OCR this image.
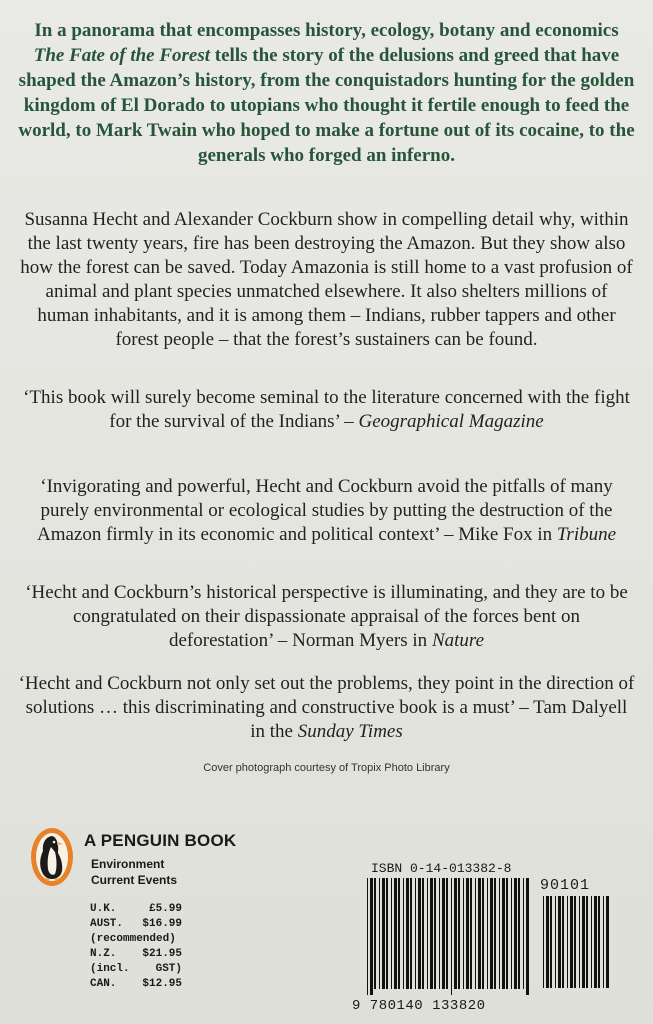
In a panorama that encompasses history, ecology, botany and economics The Fate of the Forest tells the story of the delusions and greed that have shaped the Amazon’s history, from the conquistadors hunting for the golden kingdom of El Dorado to utopians who thought it fertile enough to feed the world, to Mark Twain who hoped to make a fortune out of its cocaine, to the generals who forged an inferno.

Susanna Hecht and Alexander Cockburn show in compelling detail why, within the last twenty years, fire has been destroying the Amazon. But they show also how the forest can be saved. Today Amazonia is still home to a vast profusion of animal and plant species unmatched elsewhere. It also shelters millions of human inhabitants, and it is among them – Indians, rubber tappers and other forest people – that the forest’s sustainers can be found.

‘This book will surely become seminal to the literature concerned with the fight for the survival of the Indians’ – Geographical Magazine

‘Invigorating and powerful, Hecht and Cockburn avoid the pitfalls of many purely environmental or ecological studies by putting the destruction of the Amazon firmly in its economic and political context’ – Mike Fox in Tribune

‘Hecht and Cockburn’s historical perspective is illuminating, and they are to be congratulated on their dispassionate appraisal of the forces bent on deforestation’ – Norman Myers in Nature

‘Hecht and Cockburn not only set out the problems, they point in the direction of solutions … this discriminating and constructive book is a must’ – Tam Dalyell in the Sunday Times

Cover photograph courtesy of Tropix Photo Library
A PENGUIN BOOK
Environment
Current Events
U.K.	£5.99
AUST. $16.99
(recommended)
N.Z. $21.95
(incl. GST)
CAN. $12.95
ISBN 0-14-013382-8
9 780140 133820
90101
